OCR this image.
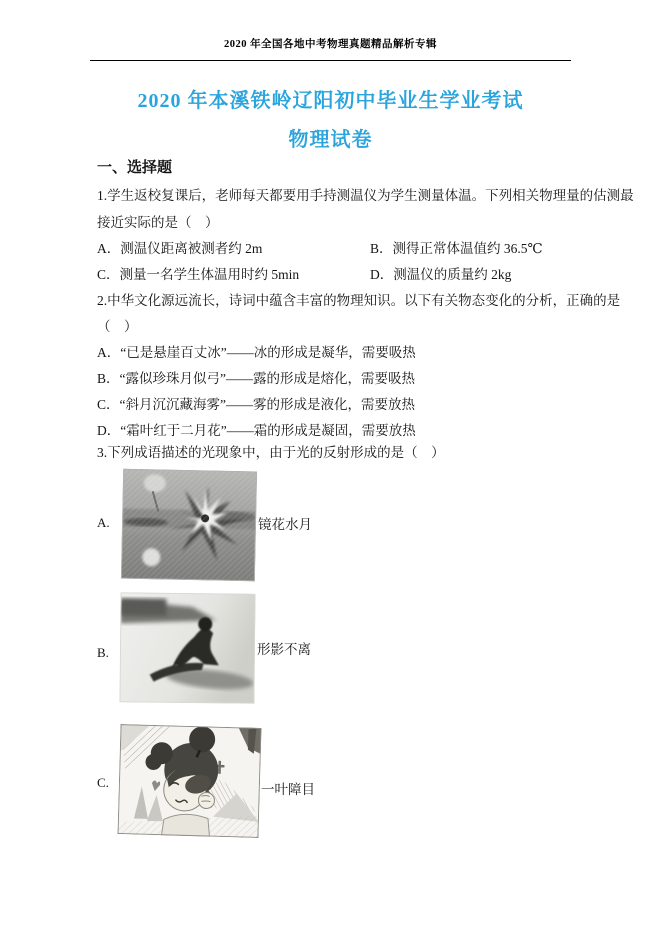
2020 年全国各地中考物理真题精品解析专辑
2020 年本溪铁岭辽阳初中毕业生学业考试
物理试卷
一、选择题
1.学生返校复课后，老师每天都要用手持测温仪为学生测量体温。下列相关物理量的估测最
接近实际的是（　）
A．测温仪距离被测者约 2m	B．测得正常体温值约 36.5℃
C．测量一名学生体温用时约 5min	D．测温仪的质量约 2kg
2.中华文化源远流长，诗词中蕴含丰富的物理知识。以下有关物态变化的分析，正确的是
（　）
A．“已是悬崖百丈冰”——冰的形成是凝华，需要吸热
B．“露似珍珠月似弓”——露的形成是熔化，需要吸热
C．“斜月沉沉藏海雾”——雾的形成是液化，需要放热
D．“霜叶红于二月花”——霜的形成是凝固，需要放热
3.下列成语描述的光现象中，由于光的反射形成的是（　）
A.	镜花水月
B.	形影不离
C.	一叶障目
